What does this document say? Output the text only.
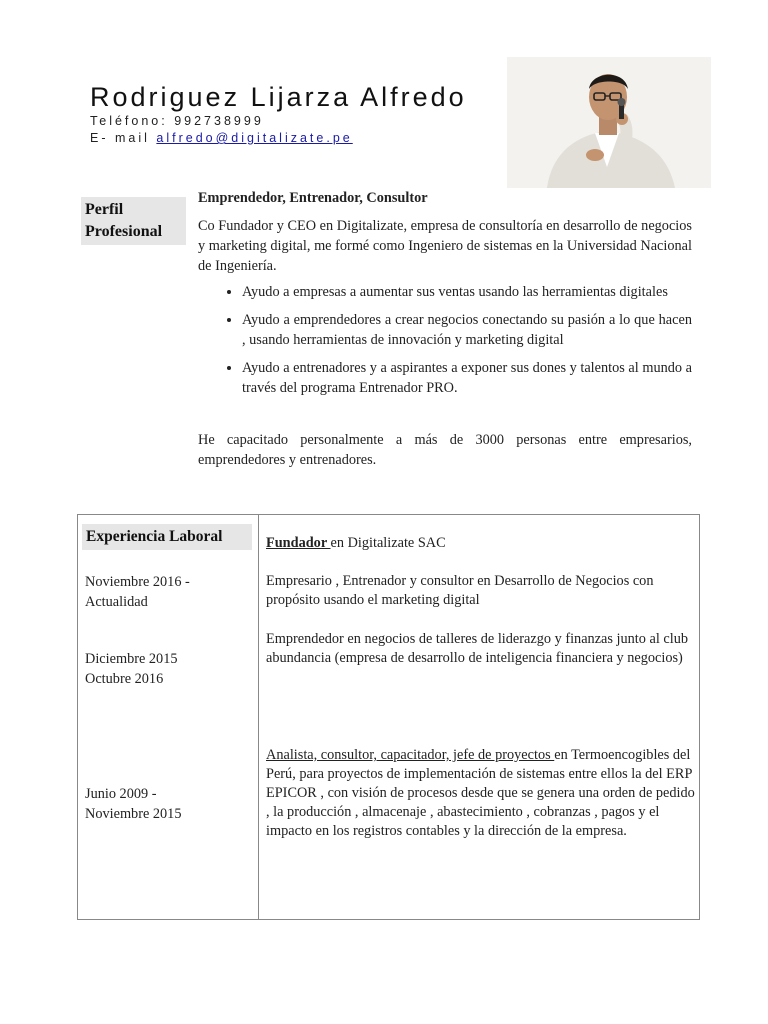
Rodriguez Lijarza Alfredo
Teléfono: 992738999
E- mail alfredo@digitalizate.pe
Perfil
Profesional
Emprendedor, Entrenador, Consultor

Co Fundador y CEO en Digitalizate, empresa de consultoría en desarrollo de negocios y marketing digital, me formé como Ingeniero de sistemas en la Universidad Nacional de Ingeniería.

• Ayudo a empresas a aumentar sus ventas usando las herramientas digitales
• Ayudo a emprendedores a crear negocios conectando su pasión a lo que hacen , usando herramientas de innovación y marketing digital
• Ayudo a entrenadores y a aspirantes a exponer sus dones y talentos al mundo a través del programa Entrenador PRO.

He capacitado personalmente a más de 3000 personas entre empresarios, emprendedores y entrenadores.

Experiencia Laboral	Fundador en Digitalizate SAC
Noviembre 2016 - Actualidad
Empresario , Entrenador y consultor en Desarrollo de Negocios con propósito usando el marketing digital
Diciembre 2015
Octubre 2016
Emprendedor en negocios de talleres de liderazgo y finanzas junto al club abundancia (empresa de desarrollo de inteligencia financiera y negocios)
Junio 2009 -
Noviembre 2015
Analista, consultor, capacitador, jefe de proyectos en Termoencogibles del Perú, para proyectos de implementación de sistemas entre ellos la del ERP EPICOR , con visión de procesos desde que se genera una orden de pedido , la producción , almacenaje , abastecimiento , cobranzas , pagos y el impacto en los registros contables y la dirección de la empresa.
